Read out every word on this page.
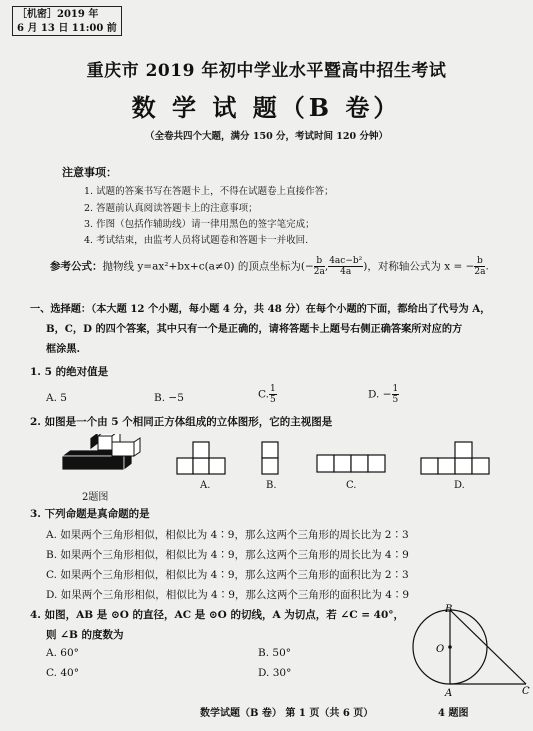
［机密］2019 年
6 月 13 日 11:00 前
重庆市 2019 年初中学业水平暨高中招生考试
数 学 试 题（B 卷）
（全卷共四个大题，满分 150 分，考试时间 120 分钟）
注意事项：
1. 试题的答案书写在答题卡上，不得在试题卷上直接作答；
2. 答题前认真阅读答题卡上的注意事项；
3. 作图（包括作辅助线）请一律用黑色的签字笔完成；
4. 考试结束，由监考人员将试题卷和答题卡一并收回.
参考公式：抛物线 y=ax²+bx+c(a≠0) 的顶点坐标为(− $\frac{b}{2a}$ , $\frac{\text{4ac−b²}}{4a}$ )，对称轴公式为 x = − $\frac{b}{2a}$ .
一、选择题：（本大题 12 个小题，每小题 4 分，共 48 分）在每个小题的下面，都给出了代号为 A，
B，C，D 的四个答案，其中只有一个是正确的，请将答题卡上题号右侧正确答案所对应的方
框涂黑.
1. 5 的绝对值是
A. 5	B. −5	C. $\frac{1}{5}$	D. − $\frac{1}{5}$
2. 如图是一个由 5 个相同正方体组成的立体图形，它的主视图是
2题图
A.	B.	C.	D.
3. 下列命题是真命题的是
A. 如果两个三角形相似，相似比为 4∶9，那么这两个三角形的周长比为 2∶3
B. 如果两个三角形相似，相似比为 4∶9，那么这两个三角形的周长比为 4∶9
C. 如果两个三角形相似，相似比为 4∶9，那么这两个三角形的面积比为 2∶3
D. 如果两个三角形相似，相似比为 4∶9，那么这两个三角形的面积比为 4∶9
4. 如图，AB 是 ⊙O 的直径，AC 是 ⊙O 的切线，A 为切点，若 ∠C = 40°，
则 ∠B 的度数为
A. 60°	B. 50°
C. 40°	D. 30°
B
O
A	C
4 题图
数学试题（B 卷） 第 1 页（共 6 页）
